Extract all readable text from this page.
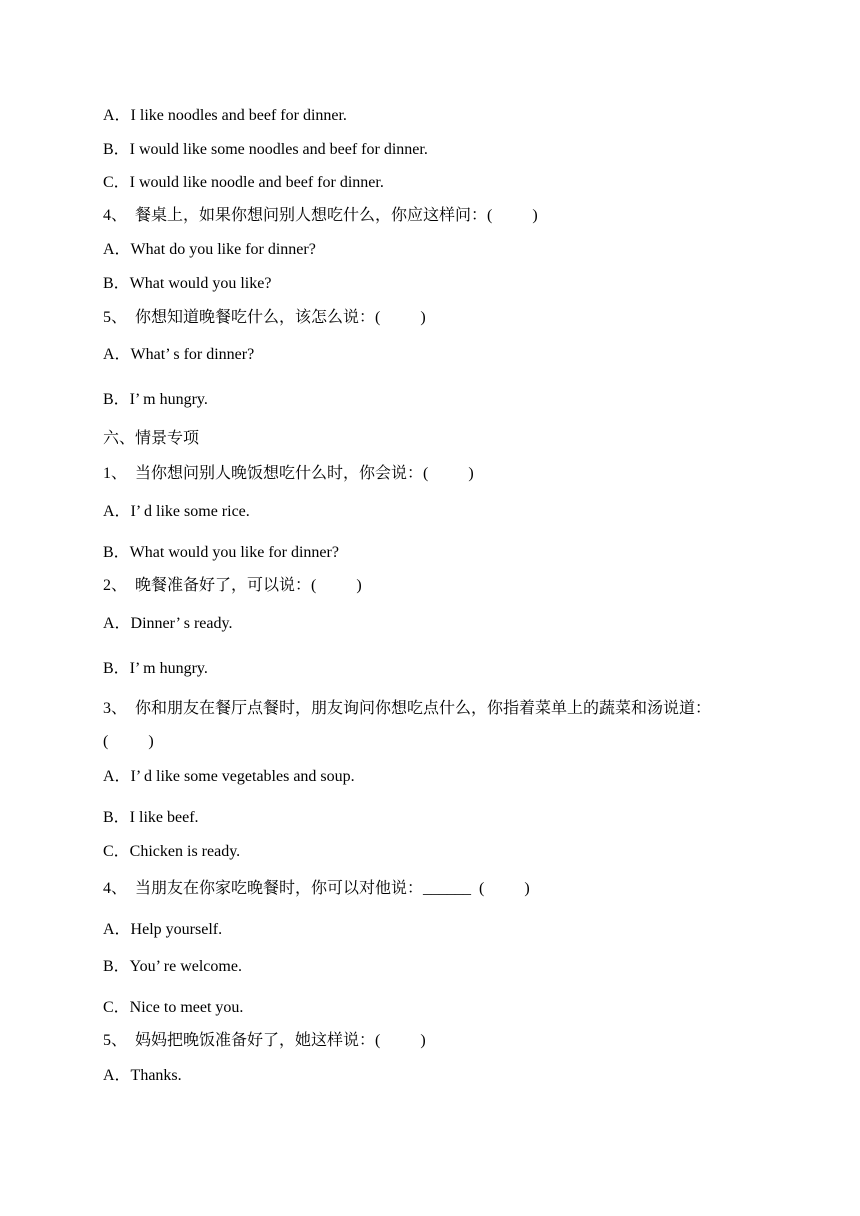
A．I like noodles and beef for dinner.
B．I would like some noodles and beef for dinner.
C．I would like noodle and beef for dinner.
4、  餐桌上，如果你想问别人想吃什么，你应这样问：(          )
A．What do you like for dinner?
B．What would you like?
5、  你想知道晚餐吃什么，该怎么说：(          )
A．What’ s for dinner?
B．I’ m hungry.
六、情景专项
1、  当你想问别人晚饭想吃什么时，你会说：(          )
A．I’ d like some rice.
B．What would you like for dinner?
2、  晚餐准备好了，可以说：(          )
A．Dinner’ s ready.
B．I’ m hungry.
3、  你和朋友在餐厅点餐时，朋友询问你想吃点什么，你指着菜单上的蔬菜和汤说道：
(          )
A．I’ d like some vegetables and soup.
B．I like beef.
C．Chicken is ready.
4、  当朋友在你家吃晚餐时，你可以对他说：______  (          )
A．Help yourself.
B．You’ re welcome.
C．Nice to meet you.
5、  妈妈把晚饭准备好了，她这样说：(          )
A．Thanks.
